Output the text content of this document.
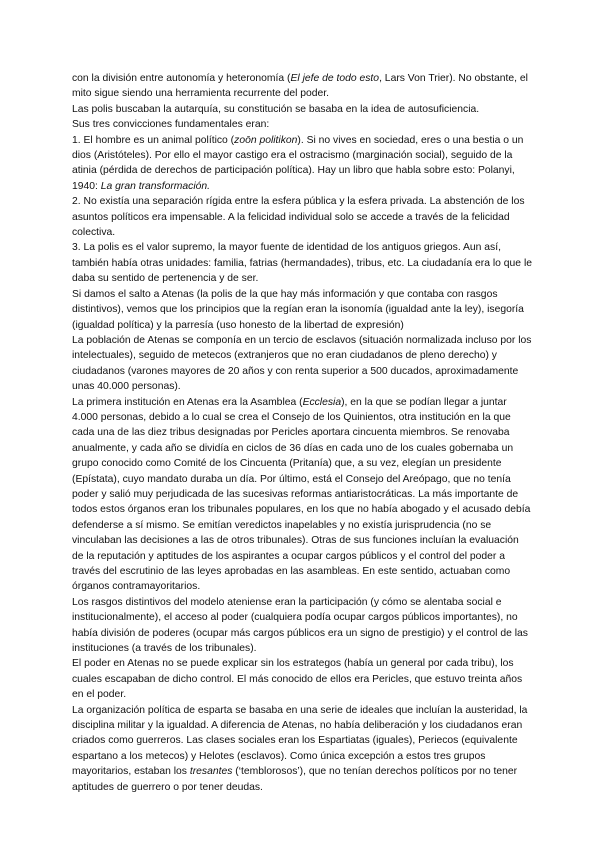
con la división entre autonomía y heteronomía (El jefe de todo esto, Lars Von Trier). No obstante, el mito sigue siendo una herramienta recurrente del poder.

Las polis buscaban la autarquía, su constitución se basaba en la idea de autosuficiencia.

Sus tres convicciones fundamentales eran:

1. El hombre es un animal político (zoōn politikon). Si no vives en sociedad, eres o una bestia o un dios (Aristóteles). Por ello el mayor castigo era el ostracismo (marginación social), seguido de la atinia (pérdida de derechos de participación política). Hay un libro que habla sobre esto: Polanyi, 1940: La gran transformación.

2. No existía una separación rígida entre la esfera pública y la esfera privada. La abstención de los asuntos políticos era impensable. A la felicidad individual solo se accede a través de la felicidad colectiva.

3. La polis es el valor supremo, la mayor fuente de identidad de los antiguos griegos. Aun así, también había otras unidades: familia, fatrias (hermandades), tribus, etc. La ciudadanía era lo que le daba su sentido de pertenencia y de ser.

Si damos el salto a Atenas (la polis de la que hay más información y que contaba con rasgos distintivos), vemos que los principios que la regían eran la isonomía (igualdad ante la ley), isegoría (igualdad política) y la parresía (uso honesto de la libertad de expresión)

La población de Atenas se componía en un tercio de esclavos (situación normalizada incluso por los intelectuales), seguido de metecos (extranjeros que no eran ciudadanos de pleno derecho) y ciudadanos (varones mayores de 20 años y con renta superior a 500 ducados, aproximadamente unas 40.000 personas).

La primera institución en Atenas era la Asamblea (Ecclesia), en la que se podían llegar a juntar 4.000 personas, debido a lo cual se crea el Consejo de los Quinientos, otra institución en la que cada una de las diez tribus designadas por Pericles aportara cincuenta miembros. Se renovaba anualmente, y cada año se dividía en ciclos de 36 días en cada uno de los cuales gobernaba un grupo conocido como Comité de los Cincuenta (Pritanía) que, a su vez, elegían un presidente (Epístata), cuyo mandato duraba un día. Por último, está el Consejo del Areópago, que no tenía poder y salió muy perjudicada de las sucesivas reformas antiaristocráticas. La más importante de todos estos órganos eran los tribunales populares, en los que no había abogado y el acusado debía defenderse a sí mismo. Se emitían veredictos inapelables y no existía jurisprudencia (no se vinculaban las decisiones a las de otros tribunales). Otras de sus funciones incluían la evaluación de la reputación y aptitudes de los aspirantes a ocupar cargos públicos y el control del poder a través del escrutinio de las leyes aprobadas en las asambleas. En este sentido, actuaban como órganos contramayoritarios.

Los rasgos distintivos del modelo ateniense eran la participación (y cómo se alentaba social e institucionalmente), el acceso al poder (cualquiera podía ocupar cargos públicos importantes), no había división de poderes (ocupar más cargos públicos era un signo de prestigio) y el control de las instituciones (a través de los tribunales).

El poder en Atenas no se puede explicar sin los estrategos (había un general por cada tribu), los cuales escapaban de dicho control. El más conocido de ellos era Pericles, que estuvo treinta años en el poder.

La organización política de esparta se basaba en una serie de ideales que incluían la austeridad, la disciplina militar y la igualdad. A diferencia de Atenas, no había deliberación y los ciudadanos eran criados como guerreros. Las clases sociales eran los Espartiatas (iguales), Periecos (equivalente espartano a los metecos) y Helotes (esclavos). Como única excepción a estos tres grupos mayoritarios, estaban los tresantes (‘temblorosos’), que no tenían derechos políticos por no tener aptitudes de guerrero o por tener deudas.
